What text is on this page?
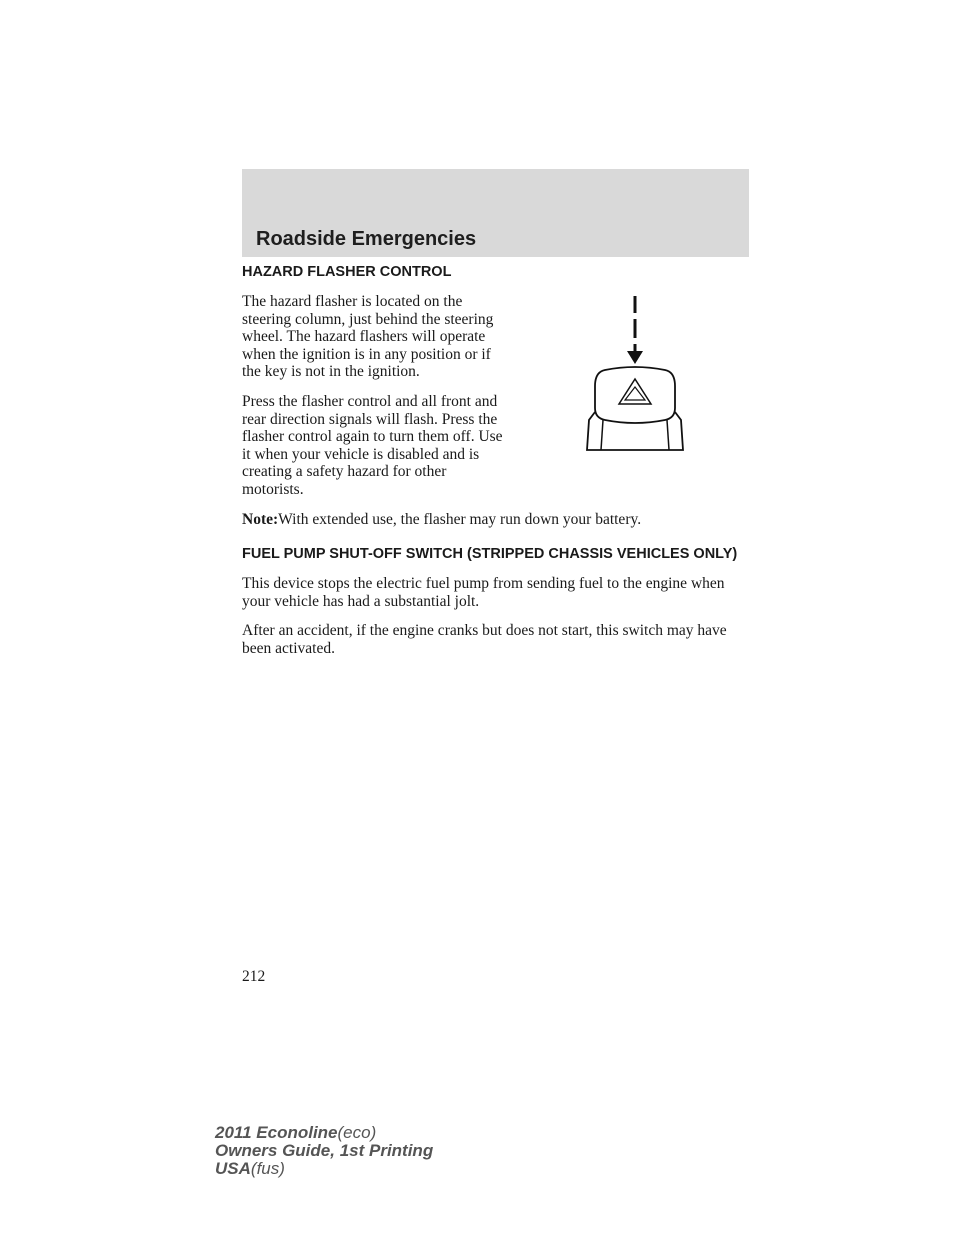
Roadside Emergencies
HAZARD FLASHER CONTROL

The hazard flasher is located on the steering column, just behind the steering wheel. The hazard flashers will operate when the ignition is in any position or if the key is not in the ignition.

Press the flasher control and all front and rear direction signals will flash. Press the flasher control again to turn them off. Use it when your vehicle is disabled and is creating a safety hazard for other motorists.

Note:With extended use, the flasher may run down your battery.

FUEL PUMP SHUT-OFF SWITCH (STRIPPED CHASSIS VEHICLES ONLY)

This device stops the electric fuel pump from sending fuel to the engine when your vehicle has had a substantial jolt.

After an accident, if the engine cranks but does not start, this switch may have been activated.

212
2011 Econoline(eco)
Owners Guide, 1st Printing
USA(fus)
